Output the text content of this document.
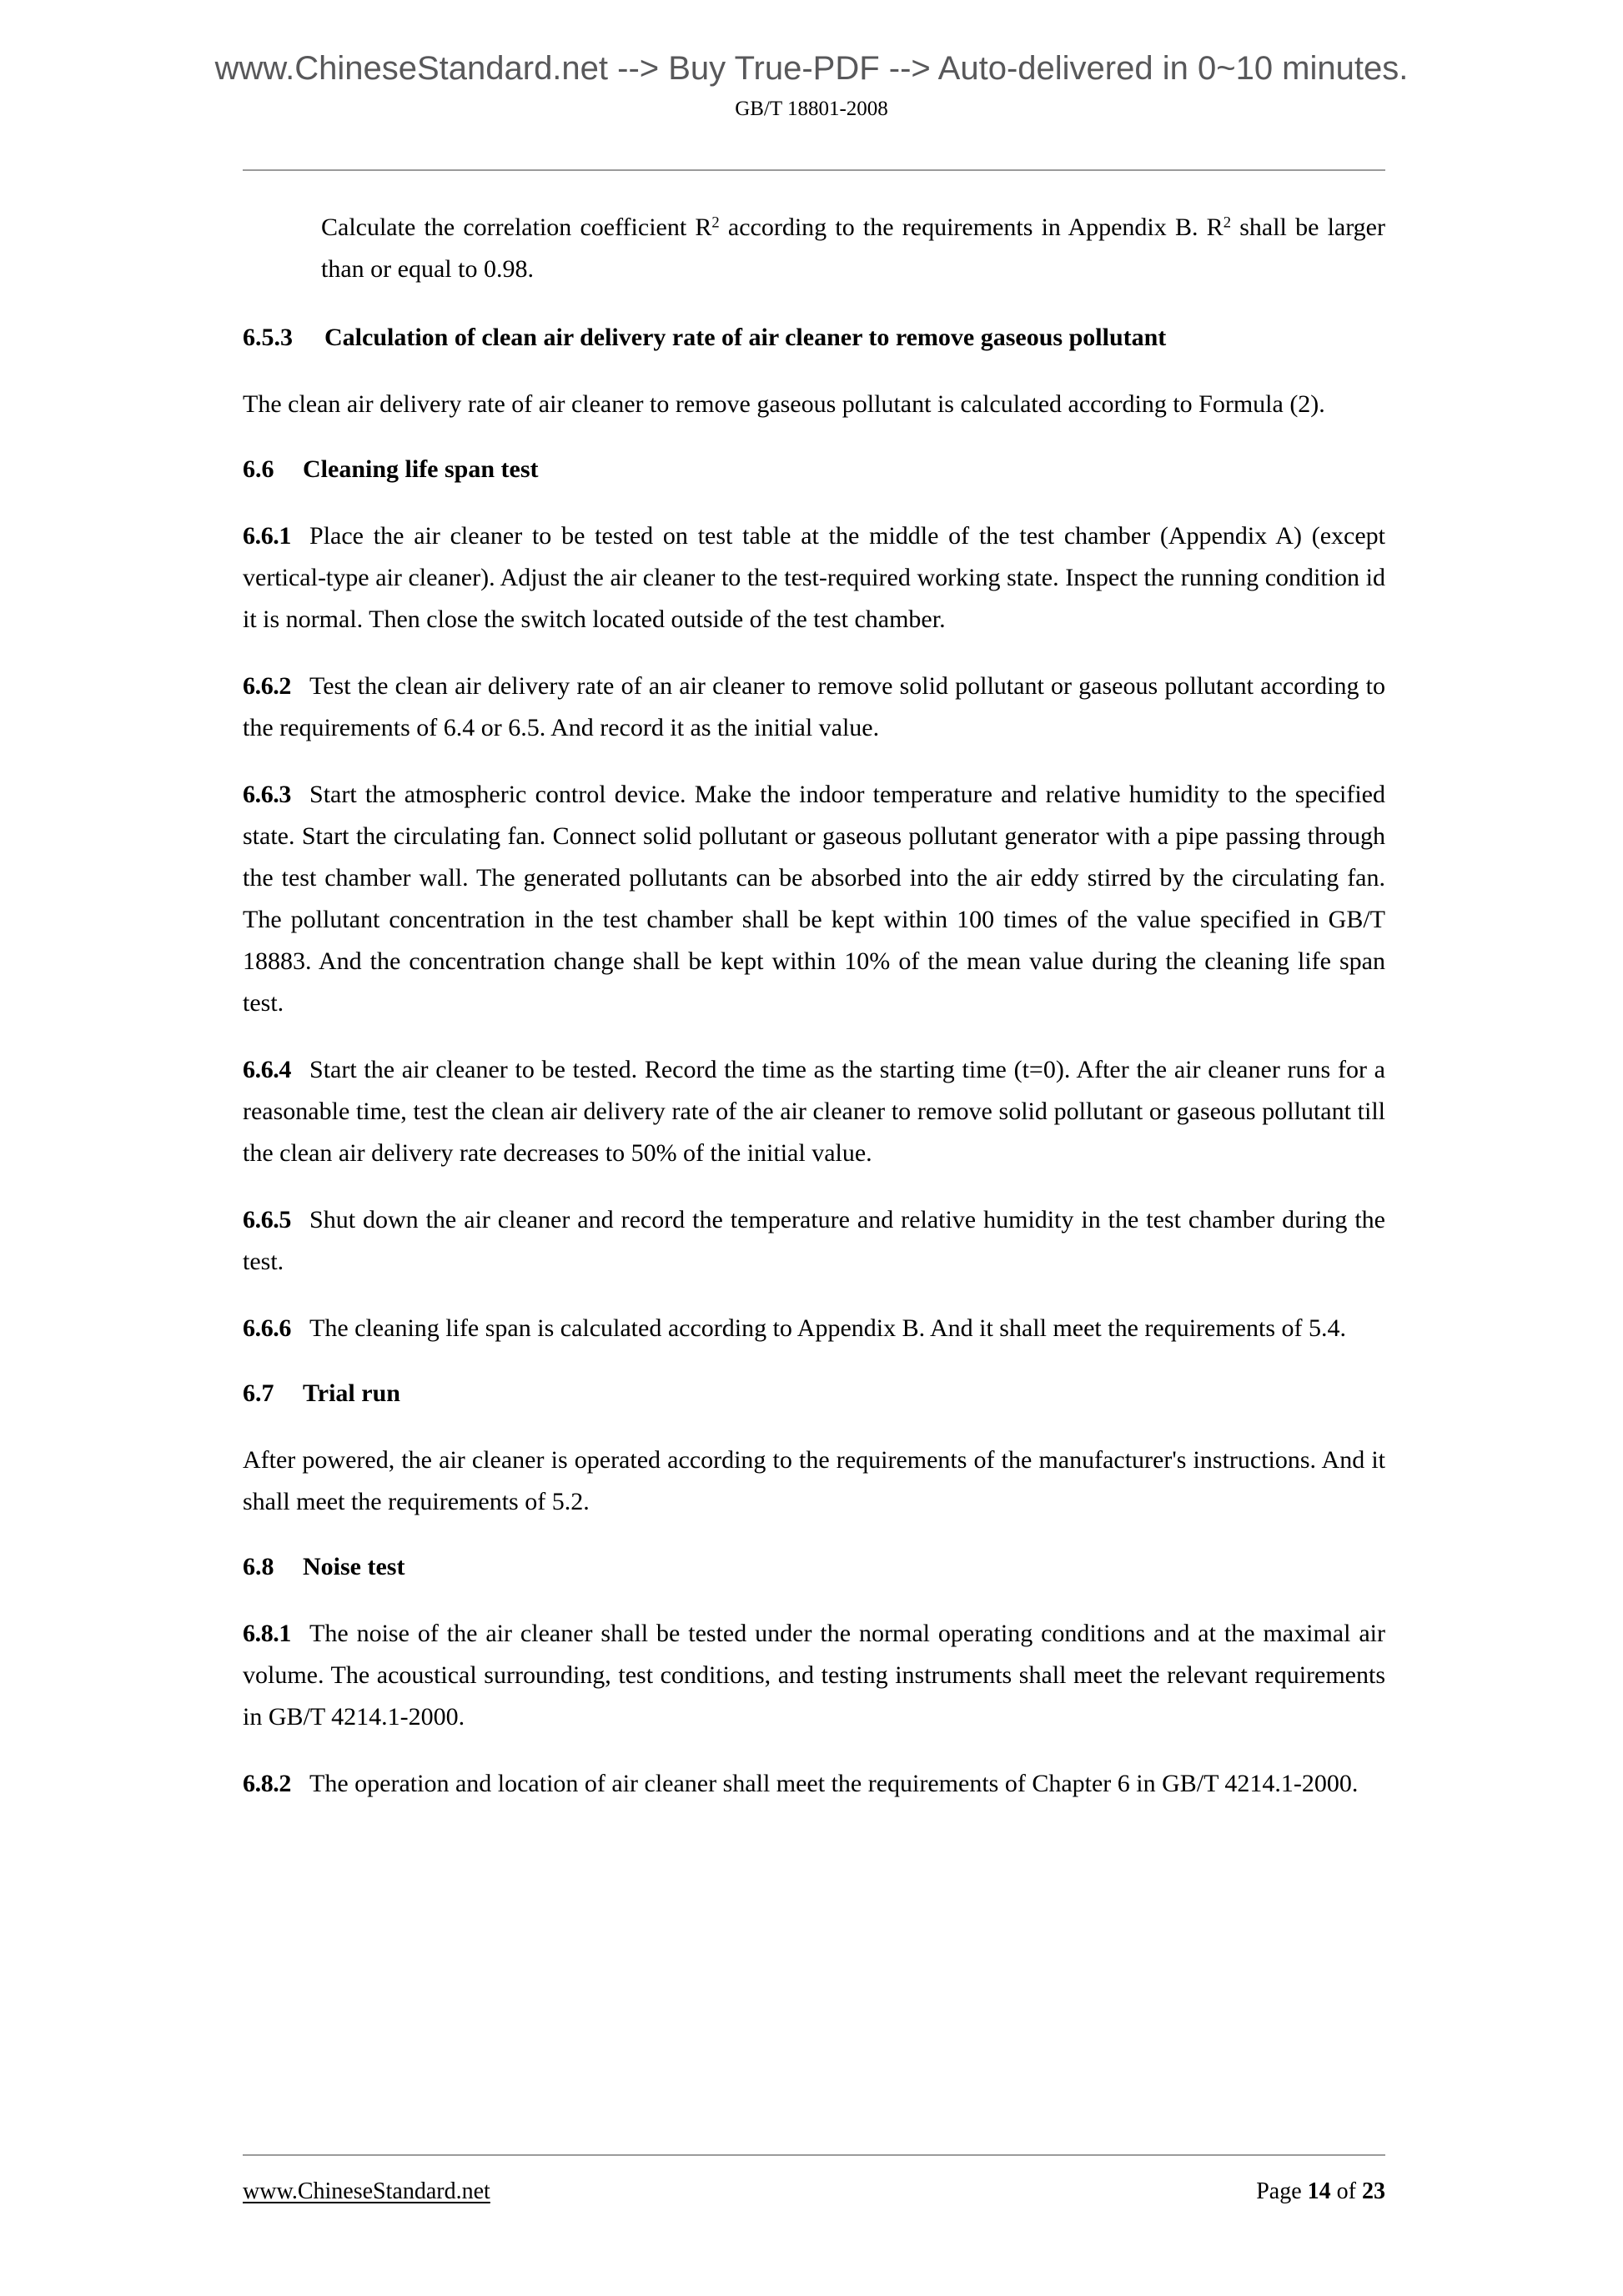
www.ChineseStandard.net --> Buy True-PDF --> Auto-delivered in 0~10 minutes.
GB/T 18801-2008

Calculate the correlation coefficient $R^2$ according to the requirements in Appendix B. $R^2$ shall be larger than or equal to 0.98.

6.5.3 Calculation of clean air delivery rate of air cleaner to remove gaseous pollutant

The clean air delivery rate of air cleaner to remove gaseous pollutant is calculated according to Formula (2).

6.6 Cleaning life span test

6.6.1 Place the air cleaner to be tested on test table at the middle of the test chamber (Appendix A) (except vertical-type air cleaner). Adjust the air cleaner to the test-required working state. Inspect the running condition id it is normal. Then close the switch located outside of the test chamber.

6.6.2 Test the clean air delivery rate of an air cleaner to remove solid pollutant or gaseous pollutant according to the requirements of 6.4 or 6.5. And record it as the initial value.

6.6.3 Start the atmospheric control device. Make the indoor temperature and relative humidity to the specified state. Start the circulating fan. Connect solid pollutant or gaseous pollutant generator with a pipe passing through the test chamber wall. The generated pollutants can be absorbed into the air eddy stirred by the circulating fan. The pollutant concentration in the test chamber shall be kept within 100 times of the value specified in GB/T 18883. And the concentration change shall be kept within 10% of the mean value during the cleaning life span test.

6.6.4 Start the air cleaner to be tested. Record the time as the starting time (t=0). After the air cleaner runs for a reasonable time, test the clean air delivery rate of the air cleaner to remove solid pollutant or gaseous pollutant till the clean air delivery rate decreases to 50% of the initial value.

6.6.5 Shut down the air cleaner and record the temperature and relative humidity in the test chamber during the test.

6.6.6 The cleaning life span is calculated according to Appendix B. And it shall meet the requirements of 5.4.

6.7 Trial run

After powered, the air cleaner is operated according to the requirements of the manufacturer's instructions. And it shall meet the requirements of 5.2.

6.8 Noise test

6.8.1 The noise of the air cleaner shall be tested under the normal operating conditions and at the maximal air volume. The acoustical surrounding, test conditions, and testing instruments shall meet the relevant requirements in GB/T 4214.1-2000.

6.8.2 The operation and location of air cleaner shall meet the requirements of Chapter 6 in GB/T 4214.1-2000.

www.ChineseStandard.net	Page 14 of 23
